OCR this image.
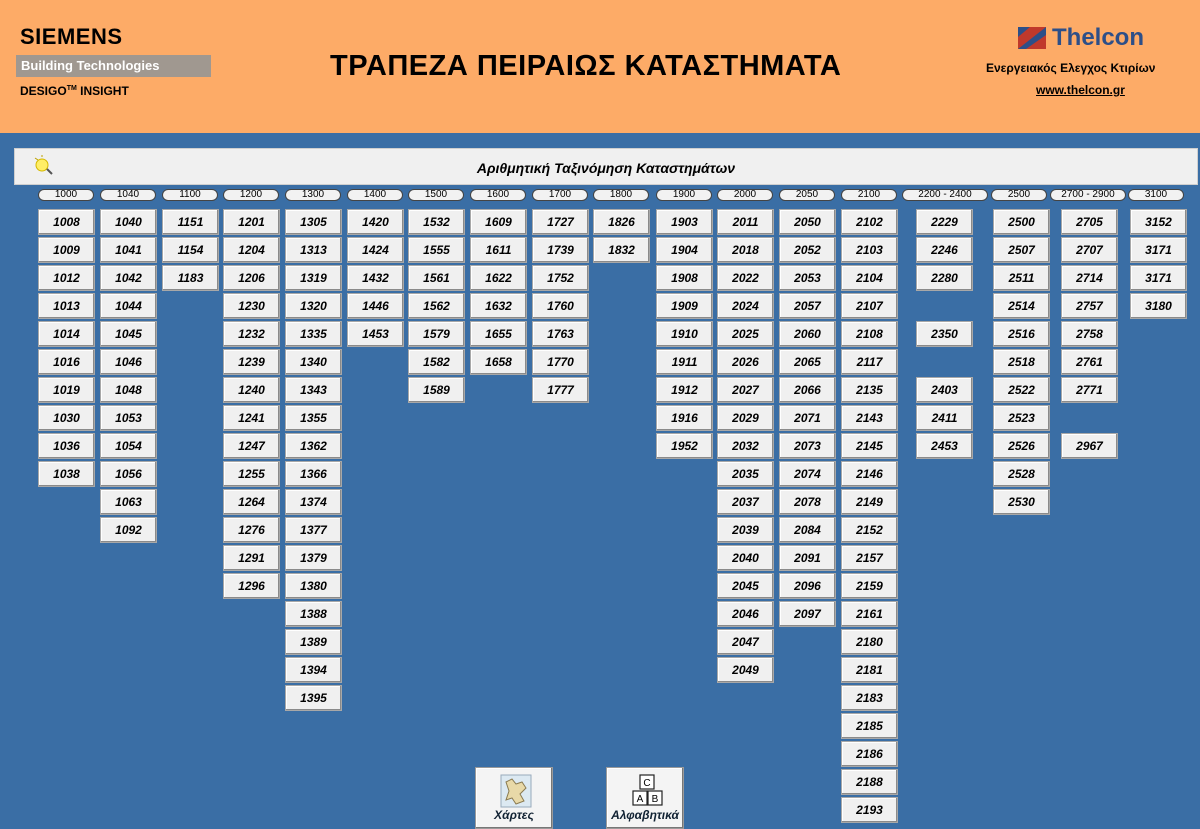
SIEMENS
Building Technologies
DESIGO™ INSIGHT
ΤΡΑΠΕΖΑ ΠΕΙΡΑΙΩΣ ΚΑΤΑΣΤΗΜΑΤΑ
Thelcon
Ενεργειακός Ελεγχος Κτιρίων
www.thelcon.gr
Αριθμητική Ταξινόμηση Καταστημάτων
1000
1008
1009
1012
1013
1014
1016
1019
1030
1036
1038
1040
1040
1041
1042
1044
1045
1046
1048
1053
1054
1056
1063
1092
1100
1151
1154
1183
1200
1201
1204
1206
1230
1232
1239
1240
1241
1247
1255
1264
1276
1291
1296
1300
1305
1313
1319
1320
1335
1340
1343
1355
1362
1366
1374
1377
1379
1380
1388
1389
1394
1395
1400
1420
1424
1432
1446
1453
1500
1532
1555
1561
1562
1579
1582
1589
1600
1609
1611
1622
1632
1655
1658
1700
1727
1739
1752
1760
1763
1770
1777
1800
1826
1832
1900
1903
1904
1908
1909
1910
1911
1912
1916
1952
2000
2011
2018
2022
2024
2025
2026
2027
2029
2032
2035
2037
2039
2040
2045
2046
2047
2049
2050
2050
2052
2053
2057
2060
2065
2066
2071
2073
2074
2078
2084
2091
2096
2097
2100
2102
2103
2104
2107
2108
2117
2135
2143
2145
2146
2149
2152
2157
2159
2161
2180
2181
2183
2185
2186
2188
2193
2200 - 2400
2229
2246
2280
2350
2403
2411
2453
2500
2500
2507
2511
2514
2516
2518
2522
2523
2526
2528
2530
2700 - 2900
2705
2707
2714
2757
2758
2761
2771
2967
3100
3152
3171
3171
3180
Χάρτες
C
A B
Αλφαβητικά
